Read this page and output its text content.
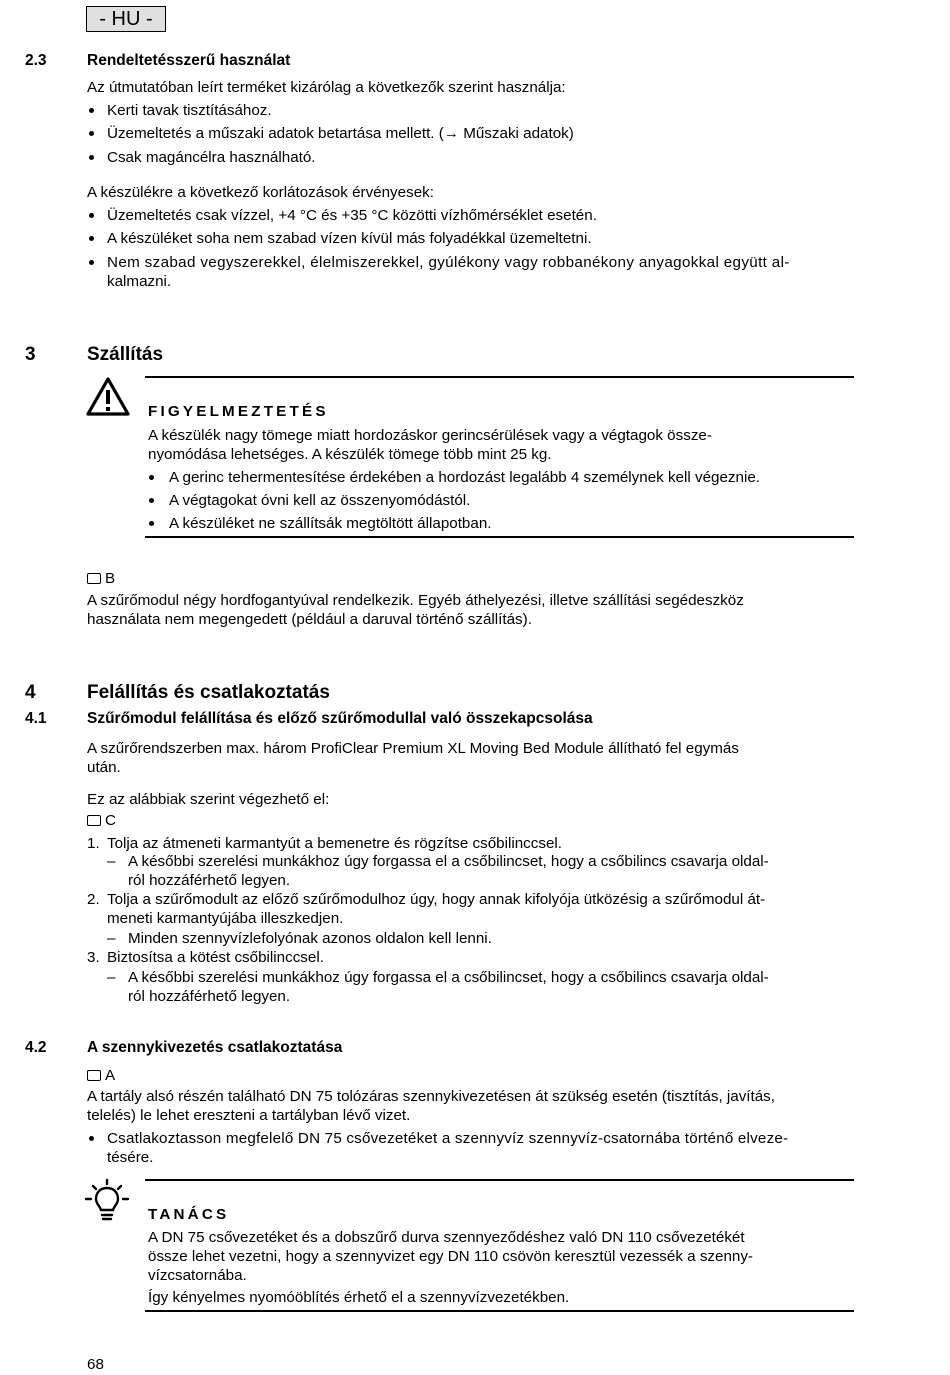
- HU -
2.3	Rendeltetésszerű használat
Az útmutatóban leírt terméket kizárólag a következők szerint használja:
Kerti tavak tisztításához.
Üzemeltetés a műszaki adatok betartása mellett. (→ Műszaki adatok)
Csak magáncélra használható.
A készülékre a következő korlátozások érvényesek:
Üzemeltetés csak vízzel, +4 °C és +35 °C közötti vízhőmérséklet esetén.
A készüléket soha nem szabad vízen kívül más folyadékkal üzemeltetni.
Nem szabad vegyszerekkel, élelmiszerekkel, gyúlékony vagy robbanékony anyagokkal együtt al-
kalmazni.
3	Szállítás
FIGYELMEZTETÉS
A készülék nagy tömege miatt hordozáskor gerincsérülések vagy a végtagok össze-
nyomódása lehetséges. A készülék tömege több mint 25 kg.
A gerinc tehermentesítése érdekében a hordozást legalább 4 személynek kell végeznie.
A végtagokat óvni kell az összenyomódástól.
A készüléket ne szállítsák megtöltött állapotban.
B
A szűrőmodul négy hordfogantyúval rendelkezik. Egyéb áthelyezési, illetve szállítási segédeszköz
használata nem megengedett (például a daruval történő szállítás).
4	Felállítás és csatlakoztatás
4.1	Szűrőmodul felállítása és előző szűrőmodullal való összekapcsolása
A szűrőrendszerben max. három ProfiClear Premium XL Moving Bed Module állítható fel egymás
után.
Ez az alábbiak szerint végezhető el:
C
1. Tolja az átmeneti karmantyút a bemenetre és rögzítse csőbilinccsel.
– A későbbi szerelési munkákhoz úgy forgassa el a csőbilincset, hogy a csőbilincs csavarja oldal-
ról hozzáférhető legyen.
2. Tolja a szűrőmodult az előző szűrőmodulhoz úgy, hogy annak kifolyója ütközésig a szűrőmodul át-
meneti karmantyújába illeszkedjen.
– Minden szennyvízlefolyónak azonos oldalon kell lenni.
3. Biztosítsa a kötést csőbilinccsel.
– A későbbi szerelési munkákhoz úgy forgassa el a csőbilincset, hogy a csőbilincs csavarja oldal-
ról hozzáférhető legyen.
4.2	A szennykivezetés csatlakoztatása
A
A tartály alsó részén található DN 75 tolózáras szennykivezetésen át szükség esetén (tisztítás, javítás,
telelés) le lehet ereszteni a tartályban lévő vizet.
Csatlakoztasson megfelelő DN 75 csővezetéket a szennyvíz szennyvíz-csatornába történő elveze-
tésére.
TANÁCS
A DN 75 csővezetéket és a dobszűrő durva szennyeződéshez való DN 110 csővezetékét
össze lehet vezetni, hogy a szennyvizet egy DN 110 csövön keresztül vezessék a szenny-
vízcsatornába.
Így kényelmes nyomóöblítés érhető el a szennyvízvezetékben.
68
